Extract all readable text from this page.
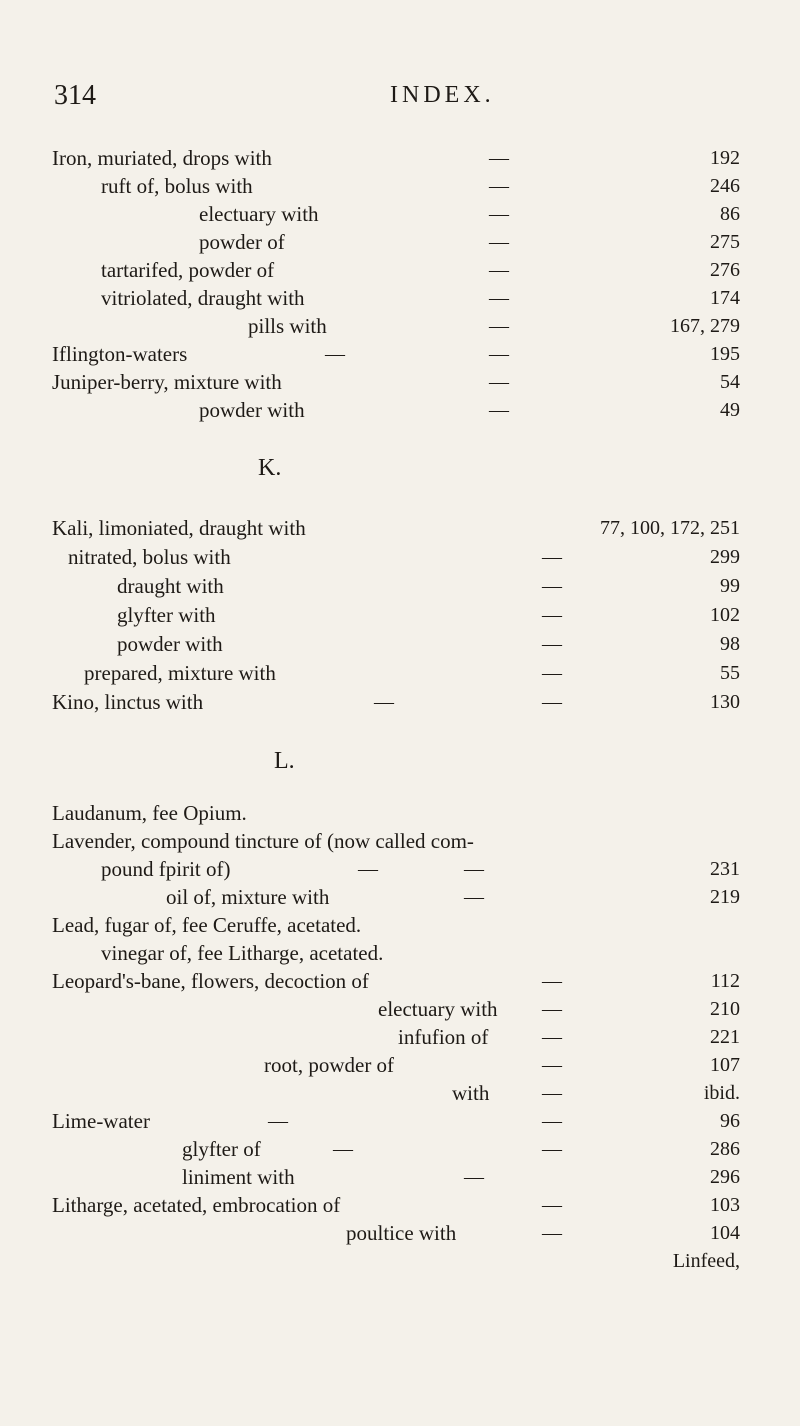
314	INDEX.
Iron, muriated, drops with	—	192
ruft of, bolus with	—	246
electuary with	—	86
powder of	—	275
tartarifed, powder of	—	276
vitriolated, draught with	—	174
pills with	—	167, 279
Iflington-waters	—	—	195
Juniper-berry, mixture with	—	54
powder with	—	49
K.
Kali, limoniated, draught with	77, 100, 172, 251
nitrated, bolus with	—	299
draught with	—	99
glyfter with	—	102
powder with	—	98
prepared, mixture with	—	55
Kino, linctus with	—	—	130
L.
Laudanum, fee Opium.
Lavender, compound tincture of (now called com-
pound fpirit of)	—	—	231
oil of, mixture with	—	219
Lead, fugar of, fee Ceruffe, acetated.
vinegar of, fee Litharge, acetated.
Leopard's-bane, flowers, decoction of	—	112
electuary with —	210
infufion of	—	221
root, powder of	—	107
with	—	ibid.
Lime-water	—	—	96
glyfter of	—	—	286
liniment with	—	296
Litharge, acetated, embrocation of	—	103
poultice with	—	104
Linfeed,
